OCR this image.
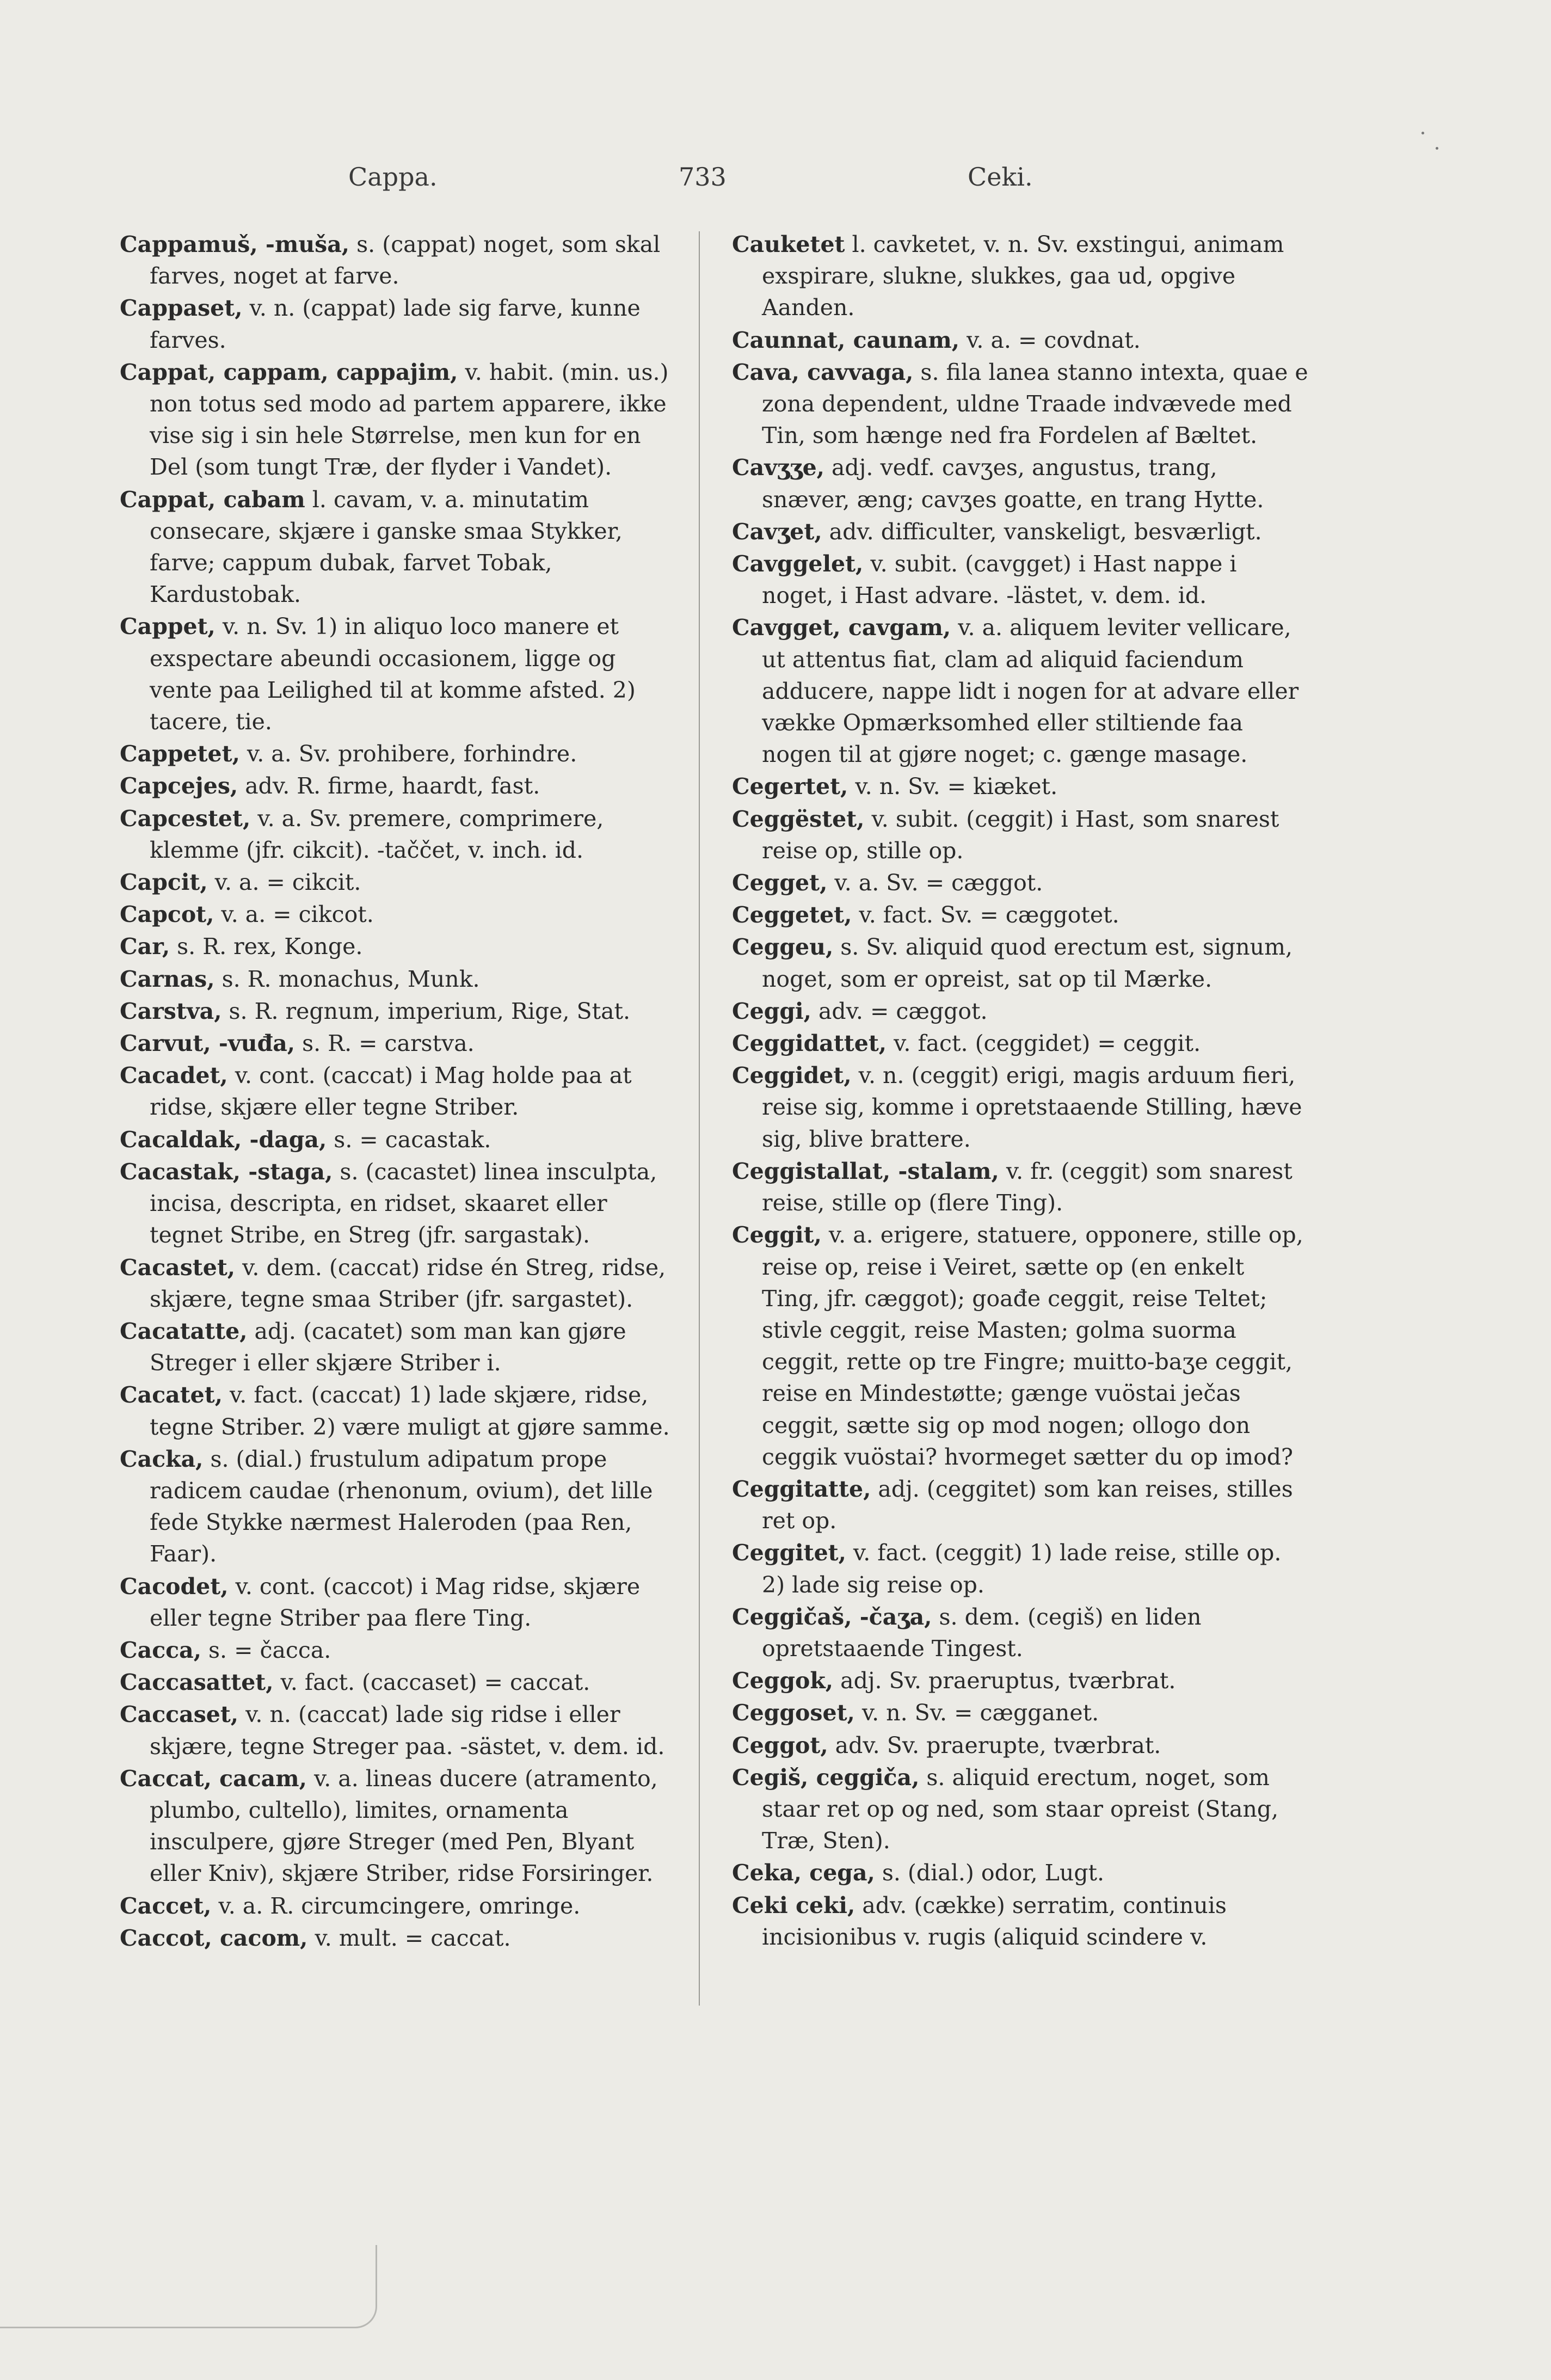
Cappa.	733	Ceki.
Cappamuš, -muša, s. (cappat) noget, som skal farves, noget at farve.
Cappaset, v. n. (cappat) lade sig farve, kunne farves.
Cappat, cappam, cappajim, v. habit. (min. us.) non totus sed modo ad partem apparere, ikke vise sig i sin hele Størrelse, men kun for en Del (som tungt Træ, der flyder i Vandet).
Cappat, cabam l. cavam, v. a. minutatim consecare, skjære i ganske smaa Stykker, farve; cappum dubak, farvet Tobak, Kardustobak.
Cappet, v. n. Sv. 1) in aliquo loco manere et exspectare abeundi occasionem, ligge og vente paa Leilighed til at komme afsted. 2) tacere, tie.
Cappetet, v. a. Sv. prohibere, forhindre.
Capcejes, adv. R. firme, haardt, fast.
Capcestet, v. a. Sv. premere, comprimere, klemme (jfr. cikcit). -taččet, v. inch. id.
Capcit, v. a. = cikcit.
Capcot, v. a. = cikcot.
Car, s. R. rex, Konge.
Carnas, s. R. monachus, Munk.
Carstva, s. R. regnum, imperium, Rige, Stat.
Carvut, -vuđa, s. R. = carstva.
Cacadet, v. cont. (caccat) i Mag holde paa at ridse, skjære eller tegne Striber.
Cacaldak, -daga, s. = cacastak.
Cacastak, -staga, s. (cacastet) linea insculpta, incisa, descripta, en ridset, skaaret eller tegnet Stribe, en Streg (jfr. sargastak).
Cacastet, v. dem. (caccat) ridse én Streg, ridse, skjære, tegne smaa Striber (jfr. sargastet).
Cacatatte, adj. (cacatet) som man kan gjøre Streger i eller skjære Striber i.
Cacatet, v. fact. (caccat) 1) lade skjære, ridse, tegne Striber. 2) være muligt at gjøre samme.
Cacka, s. (dial.) frustulum adipatum prope radicem caudae (rhenonum, ovium), det lille fede Stykke nærmest Haleroden (paa Ren, Faar).
Cacodet, v. cont. (caccot) i Mag ridse, skjære eller tegne Striber paa flere Ting.
Cacca, s. = čacca.
Caccasattet, v. fact. (caccaset) = caccat.
Caccaset, v. n. (caccat) lade sig ridse i eller skjære, tegne Streger paa. -sästet, v. dem. id.
Caccat, cacam, v. a. lineas ducere (atramento, plumbo, cultello), limites, ornamenta insculpere, gjøre Streger (med Pen, Blyant eller Kniv), skjære Striber, ridse Forsiringer.
Caccet, v. a. R. circumcingere, omringe.
Caccot, cacom, v. mult. = caccat.
Cauketet l. cavketet, v. n. Sv. exstingui, animam exspirare, slukne, slukkes, gaa ud, opgive Aanden.
Caunnat, caunam, v. a. = covdnat.
Cava, cavvaga, s. fila lanea stanno intexta, quae e zona dependent, uldne Traade indvævede med Tin, som hænge ned fra Fordelen af Bæltet.
Cavʒʒe, adj. vedf. cavʒes, angustus, trang, snæver, æng; cavʒes goatte, en trang Hytte.
Cavʒet, adv. difficulter, vanskeligt, besværligt.
Cavggelet, v. subit. (cavgget) i Hast nappe i noget, i Hast advare. -lästet, v. dem. id.
Cavgget, cavgam, v. a. aliquem leviter vellicare, ut attentus fiat, clam ad aliquid faciendum adducere, nappe lidt i nogen for at advare eller vække Opmærksomhed eller stiltiende faa nogen til at gjøre noget; c. gænge masage.
Cegertet, v. n. Sv. = kiæket.
Ceggëstet, v. subit. (ceggit) i Hast, som snarest reise op, stille op.
Cegget, v. a. Sv. = cæggot.
Ceggetet, v. fact. Sv. = cæggotet.
Ceggeu, s. Sv. aliquid quod erectum est, signum, noget, som er opreist, sat op til Mærke.
Ceggi, adv. = cæggot.
Ceggidattet, v. fact. (ceggidet) = ceggit.
Ceggidet, v. n. (ceggit) erigi, magis arduum fieri, reise sig, komme i opretstaaende Stilling, hæve sig, blive brattere.
Ceggistallat, -stalam, v. fr. (ceggit) som snarest reise, stille op (flere Ting).
Ceggit, v. a. erigere, statuere, opponere, stille op, reise op, reise i Veiret, sætte op (en enkelt Ting, jfr. cæggot); goađe ceggit, reise Teltet; stivle ceggit, reise Masten; golma suorma ceggit, rette op tre Fingre; muitto-baʒe ceggit, reise en Mindestøtte; gænge vuöstai ječas ceggit, sætte sig op mod nogen; ollogo don ceggik vuöstai? hvormeget sætter du op imod?
Ceggitatte, adj. (ceggitet) som kan reises, stilles ret op.
Ceggitet, v. fact. (ceggit) 1) lade reise, stille op. 2) lade sig reise op.
Ceggičaš, -čaʒa, s. dem. (cegiš) en liden opretstaaende Tingest.
Ceggok, adj. Sv. praeruptus, tværbrat.
Ceggoset, v. n. Sv. = cægganet.
Ceggot, adv. Sv. praerupte, tværbrat.
Cegiš, ceggiča, s. aliquid erectum, noget, som staar ret op og ned, som staar opreist (Stang, Træ, Sten).
Ceka, cega, s. (dial.) odor, Lugt.
Ceki ceki, adv. (cække) serratim, continuis incisionibus v. rugis (aliquid scindere v.
